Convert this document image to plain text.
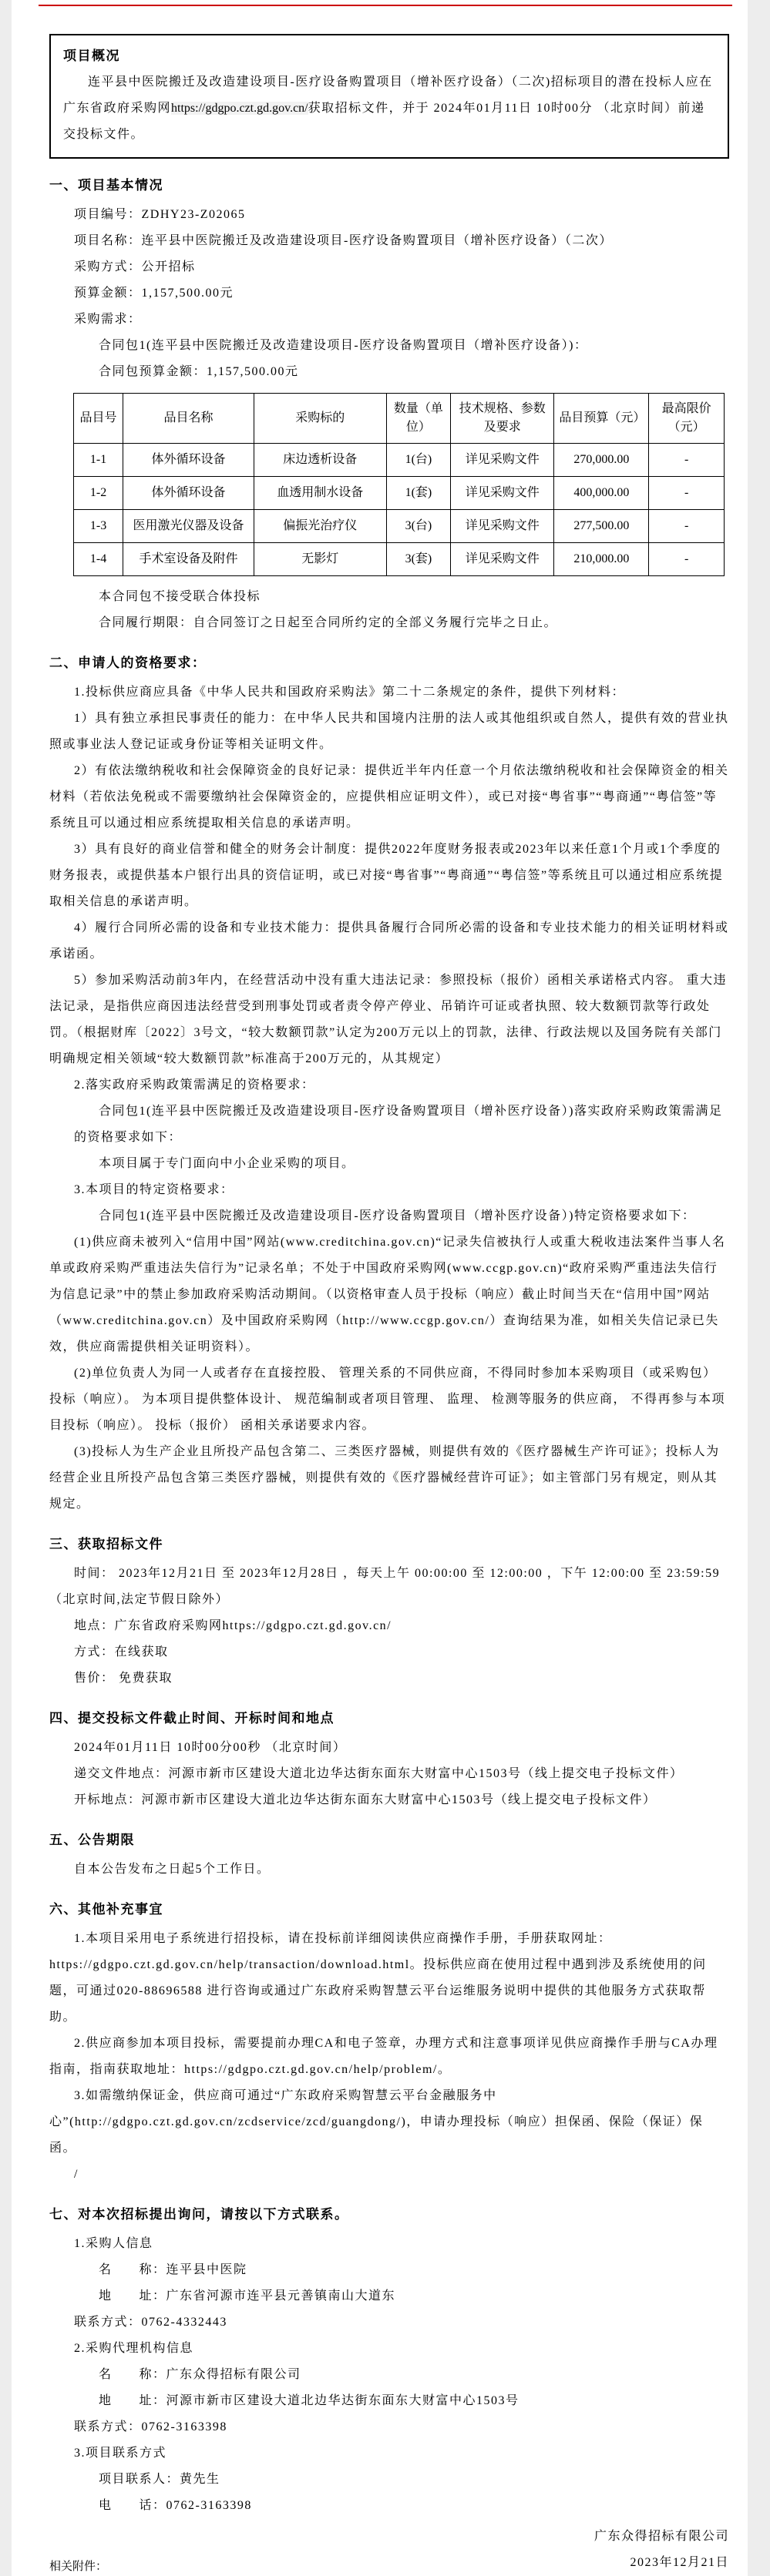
项目概况

连平县中医院搬迁及改造建设项目-医疗设备购置项目（增补医疗设备）（二次)招标项目的潜在投标人应在广东省政府采购网https://gdgpo.czt.gd.gov.cn/获取招标文件，并于 2024年01月11日 10时00分 （北京时间）前递交投标文件。

一、项目基本情况

项目编号：ZDHY23-Z02065

项目名称：连平县中医院搬迁及改造建设项目-医疗设备购置项目（增补医疗设备）（二次）

采购方式：公开招标

预算金额：1,157,500.00元

采购需求：

合同包1(连平县中医院搬迁及改造建设项目-医疗设备购置项目（增补医疗设备）)：

合同包预算金额：1,157,500.00元

品目号	品目名称	采购标的	数量（单位）	技术规格、参数及要求	品目预算（元）	最高限价（元）
1-1	体外循环设备	床边透析设备	1(台)	详见采购文件	270,000.00	-
1-2	体外循环设备	血透用制水设备	1(套)	详见采购文件	400,000.00	-
1-3	医用激光仪器及设备	偏振光治疗仪	3(台)	详见采购文件	277,500.00	-
1-4	手术室设备及附件	无影灯	3(套)	详见采购文件	210,000.00	-

本合同包不接受联合体投标

合同履行期限：自合同签订之日起至合同所约定的全部义务履行完毕之日止。

二、申请人的资格要求：

1.投标供应商应具备《中华人民共和国政府采购法》第二十二条规定的条件，提供下列材料：

1）具有独立承担民事责任的能力：在中华人民共和国境内注册的法人或其他组织或自然人，提供有效的营业执照或事业法人登记证或身份证等相关证明文件。

2）有依法缴纳税收和社会保障资金的良好记录：提供近半年内任意一个月依法缴纳税收和社会保障资金的相关材料（若依法免税或不需要缴纳社会保障资金的，应提供相应证明文件），或已对接“粤省事”“粤商通”“粤信签”等系统且可以通过相应系统提取相关信息的承诺声明。

3）具有良好的商业信誉和健全的财务会计制度：提供2022年度财务报表或2023年以来任意1个月或1个季度的财务报表，或提供基本户银行出具的资信证明，或已对接“粤省事”“粤商通”“粤信签”等系统且可以通过相应系统提取相关信息的承诺声明。

4）履行合同所必需的设备和专业技术能力：提供具备履行合同所必需的设备和专业技术能力的相关证明材料或承诺函。

5）参加采购活动前3年内，在经营活动中没有重大违法记录：参照投标（报价）函相关承诺格式内容。 重大违法记录，是指供应商因违法经营受到刑事处罚或者责令停产停业、吊销许可证或者执照、较大数额罚款等行政处罚。（根据财库〔2022〕3号文，“较大数额罚款”认定为200万元以上的罚款，法律、行政法规以及国务院有关部门明确规定相关领域“较大数额罚款”标准高于200万元的，从其规定）

2.落实政府采购政策需满足的资格要求：

合同包1(连平县中医院搬迁及改造建设项目-医疗设备购置项目（增补医疗设备）)落实政府采购政策需满足的资格要求如下：

本项目属于专门面向中小企业采购的项目。

3.本项目的特定资格要求：

合同包1(连平县中医院搬迁及改造建设项目-医疗设备购置项目（增补医疗设备）)特定资格要求如下：

(1)供应商未被列入“信用中国”网站(www.creditchina.gov.cn)“记录失信被执行人或重大税收违法案件当事人名单或政府采购严重违法失信行为”记录名单；不处于中国政府采购网(www.ccgp.gov.cn)“政府采购严重违法失信行为信息记录”中的禁止参加政府采购活动期间。（以资格审查人员于投标（响应）截止时间当天在“信用中国”网站（www.creditchina.gov.cn）及中国政府采购网（http://www.ccgp.gov.cn/）查询结果为准，如相关失信记录已失效，供应商需提供相关证明资料）。

(2)单位负责人为同一人或者存在直接控股、 管理关系的不同供应商，不得同时参加本采购项目（或采购包） 投标（响应）。 为本项目提供整体设计、 规范编制或者项目管理、 监理、 检测等服务的供应商， 不得再参与本项目投标（响应）。 投标（报价） 函相关承诺要求内容。

(3)投标人为生产企业且所投产品包含第二、三类医疗器械，则提供有效的《医疗器械生产许可证》；投标人为经营企业且所投产品包含第三类医疗器械，则提供有效的《医疗器械经营许可证》；如主管部门另有规定，则从其规定。

三、获取招标文件

时间： 2023年12月21日 至 2023年12月28日 ，每天上午 00:00:00 至 12:00:00 ，下午 12:00:00 至 23:59:59 （北京时间,法定节假日除外）

地点：广东省政府采购网https://gdgpo.czt.gd.gov.cn/

方式：在线获取

售价： 免费获取

四、提交投标文件截止时间、开标时间和地点

2024年01月11日 10时00分00秒 （北京时间）

递交文件地点：河源市新市区建设大道北边华达街东面东大财富中心1503号（线上提交电子投标文件）

开标地点：河源市新市区建设大道北边华达街东面东大财富中心1503号（线上提交电子投标文件）

五、公告期限

自本公告发布之日起5个工作日。

六、其他补充事宜

1.本项目采用电子系统进行招投标，请在投标前详细阅读供应商操作手册，手册获取网址：https://gdgpo.czt.gd.gov.cn/help/transaction/download.html。投标供应商在使用过程中遇到涉及系统使用的问题，可通过020-88696588 进行咨询或通过广东政府采购智慧云平台运维服务说明中提供的其他服务方式获取帮助。

2.供应商参加本项目投标，需要提前办理CA和电子签章，办理方式和注意事项详见供应商操作手册与CA办理指南，指南获取地址：https://gdgpo.czt.gd.gov.cn/help/problem/。

3.如需缴纳保证金，供应商可通过“广东政府采购智慧云平台金融服务中心”(http://gdgpo.czt.gd.gov.cn/zcdservice/zcd/guangdong/)，申请办理投标（响应）担保函、保险（保证）保函。

/

七、对本次招标提出询问，请按以下方式联系。

1.采购人信息

名　　称：连平县中医院

地　　址：广东省河源市连平县元善镇南山大道东

联系方式：0762-4332443

2.采购代理机构信息

名　　称：广东众得招标有限公司

地　　址：河源市新市区建设大道北边华达街东面东大财富中心1503号

联系方式：0762-3163398

3.项目联系方式

项目联系人：黄先生

电　　话：0762-3163398

广东众得招标有限公司

2023年12月21日

相关附件：
